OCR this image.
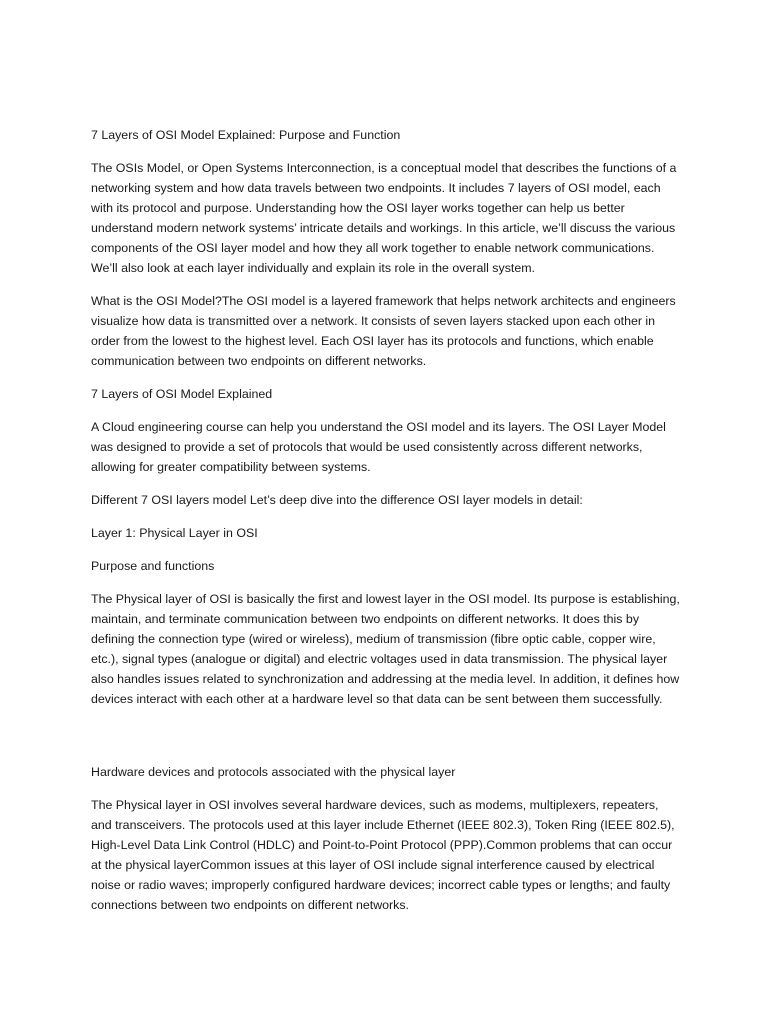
7 Layers of OSI Model Explained: Purpose and Function

The OSIs Model, or Open Systems Interconnection, is a conceptual model that describes the functions of a networking system and how data travels between two endpoints. It includes 7 layers of OSI model, each with its protocol and purpose. Understanding how the OSI layer works together can help us better understand modern network systems’ intricate details and workings. In this article, we’ll discuss the various components of the OSI layer model and how they all work together to enable network communications. We’ll also look at each layer individually and explain its role in the overall system.

What is the OSI Model?The OSI model is a layered framework that helps network architects and engineers visualize how data is transmitted over a network. It consists of seven layers stacked upon each other in order from the lowest to the highest level. Each OSI layer has its protocols and functions, which enable communication between two endpoints on different networks.

7 Layers of OSI Model Explained

A Cloud engineering course can help you understand the OSI model and its layers. The OSI Layer Model was designed to provide a set of protocols that would be used consistently across different networks, allowing for greater compatibility between systems.

Different 7 OSI layers model Let’s deep dive into the difference OSI layer models in detail:

Layer 1: Physical Layer in OSI

Purpose and functions

The Physical layer of OSI is basically the first and lowest layer in the OSI model. Its purpose is establishing, maintain, and terminate communication between two endpoints on different networks. It does this by defining the connection type (wired or wireless), medium of transmission (fibre optic cable, copper wire, etc.), signal types (analogue or digital) and electric voltages used in data transmission. The physical layer also handles issues related to synchronization and addressing at the media level. In addition, it defines how devices interact with each other at a hardware level so that data can be sent between them successfully.

Hardware devices and protocols associated with the physical layer

The Physical layer in OSI involves several hardware devices, such as modems, multiplexers, repeaters, and transceivers. The protocols used at this layer include Ethernet (IEEE 802.3), Token Ring (IEEE 802.5), High-Level Data Link Control (HDLC) and Point-to-Point Protocol (PPP).Common problems that can occur at the physical layerCommon issues at this layer of OSI include signal interference caused by electrical noise or radio waves; improperly configured hardware devices; incorrect cable types or lengths; and faulty connections between two endpoints on different networks.
